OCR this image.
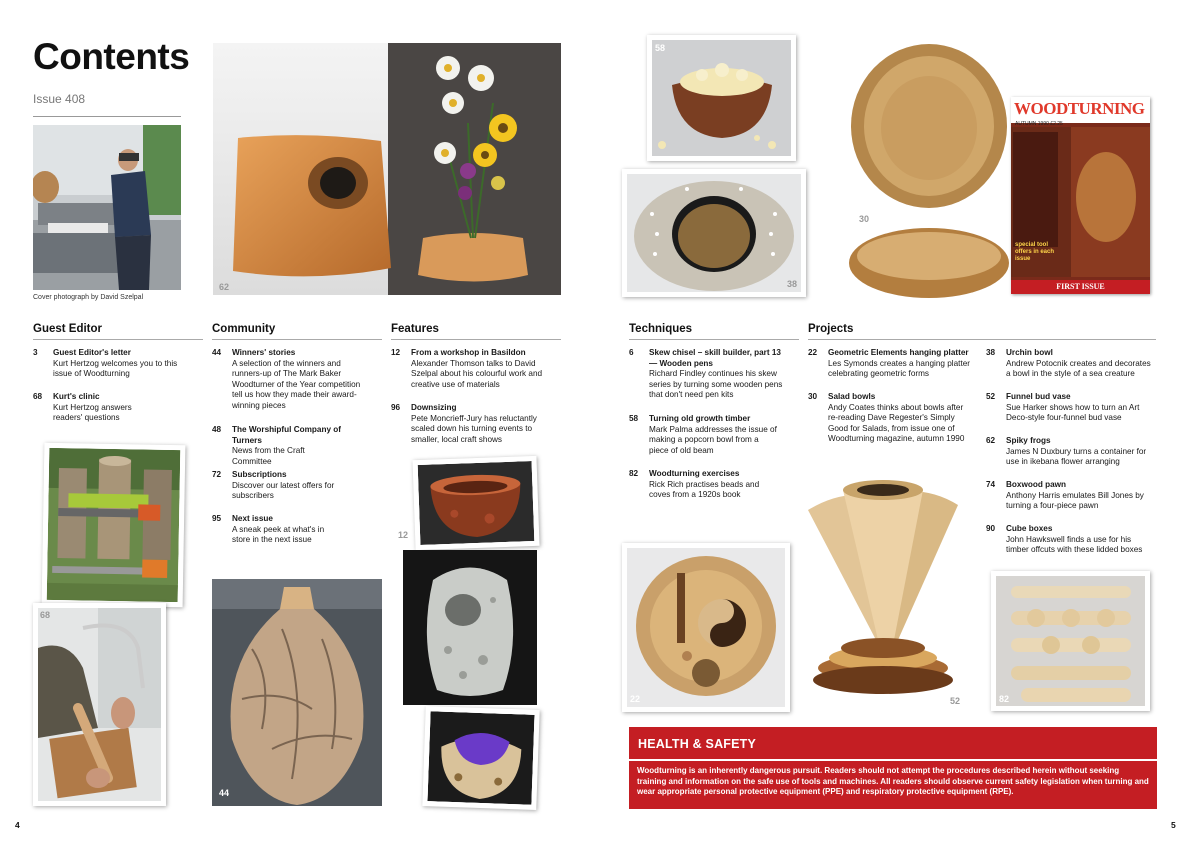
Contents
Issue 408
Cover photograph by David Szelpal
62
Guest Editor
3 Guest Editor's letter
Kurt Hertzog welcomes you to this issue of Woodturning
68 Kurt's clinic
Kurt Hertzog answers readers' questions
Community
44 Winners' stories
A selection of the winners and runners-up of The Mark Baker Woodturner of the Year competition tell us how they made their award-winning pieces
48 The Worshipful Company of Turners
News from the Craft Committee
72 Subscriptions
Discover our latest offers for subscribers
95 Next issue
A sneak peek at what's in store in the next issue
Features
12 From a workshop in Basildon
Alexander Thomson talks to David Szelpal about his colourful work and creative use of materials
96 Downsizing
Pete Moncrieff-Jury has reluctantly scaled down his turning events to smaller, local craft shows
68
44
12
4
58
38
30
WOODTURNING
AUTUMN 1990 £2.25
special tool offers in each issue
FIRST ISSUE
Techniques
6 Skew chisel – skill builder, part 13 — Wooden pens
Richard Findley continues his skew series by turning some wooden pens that don't need pen kits
58 Turning old growth timber
Mark Palma addresses the issue of making a popcorn bowl from a piece of old beam
82 Woodturning exercises
Rick Rich practises beads and coves from a 1920s book
Projects
22 Geometric Elements hanging platter
Les Symonds creates a hanging platter celebrating geometric forms
30 Salad bowls
Andy Coates thinks about bowls after re-reading Dave Regester's Simply Good for Salads, from issue one of Woodturning magazine, autumn 1990
38 Urchin bowl
Andrew Potocnik creates and decorates a bowl in the style of a sea creature
52 Funnel bud vase
Sue Harker shows how to turn an Art Deco-style four-funnel bud vase
62 Spiky frogs
James N Duxbury turns a container for use in ikebana flower arranging
74 Boxwood pawn
Anthony Harris emulates Bill Jones by turning a four-piece pawn
90 Cube boxes
John Hawkswell finds a use for his timber offcuts with these lidded boxes
22	52	82
HEALTH & SAFETY
Woodturning is an inherently dangerous pursuit. Readers should not attempt the procedures described herein without seeking training and information on the safe use of tools and machines. All readers should observe current safety legislation when turning and wear appropriate personal protective equipment (PPE) and respiratory protective equipment (RPE).
5
